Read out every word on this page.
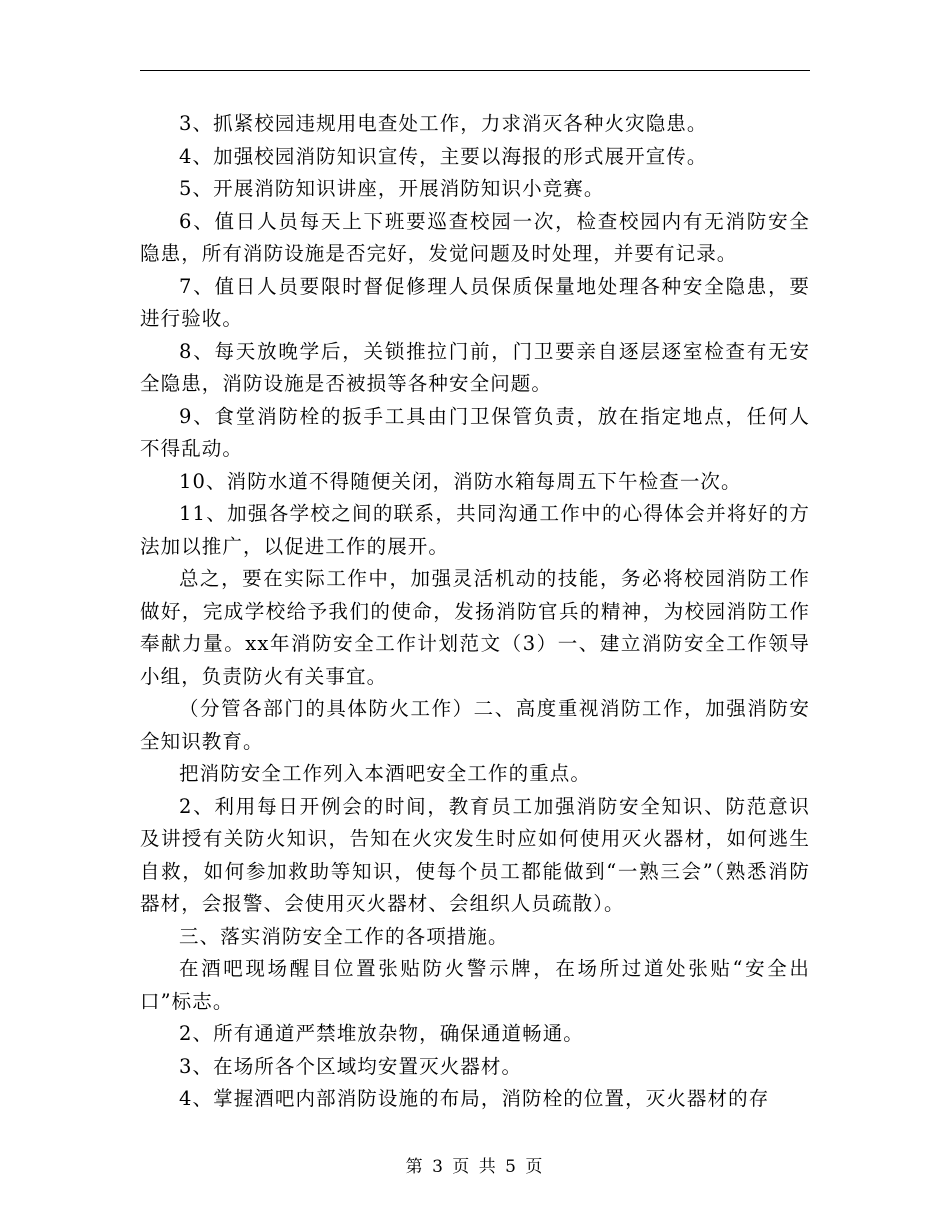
3、抓紧校园违规用电查处工作，力求消灭各种火灾隐患。

4、加强校园消防知识宣传，主要以海报的形式展开宣传。

5、开展消防知识讲座，开展消防知识小竞赛。

6、值日人员每天上下班要巡查校园一次，检查校园内有无消防安全隐患，所有消防设施是否完好，发觉问题及时处理，并要有记录。

7、值日人员要限时督促修理人员保质保量地处理各种安全隐患，要进行验收。

8、每天放晚学后，关锁推拉门前，门卫要亲自逐层逐室检查有无安全隐患，消防设施是否被损等各种安全问题。

9、食堂消防栓的扳手工具由门卫保管负责，放在指定地点，任何人不得乱动。

10、消防水道不得随便关闭，消防水箱每周五下午检查一次。

11、加强各学校之间的联系，共同沟通工作中的心得体会并将好的方法加以推广，以促进工作的展开。

总之，要在实际工作中，加强灵活机动的技能，务必将校园消防工作做好，完成学校给予我们的使命，发扬消防官兵的精神，为校园消防工作奉献力量。xx年消防安全工作计划范文（3）一、建立消防安全工作领导小组，负责防火有关事宜。

（分管各部门的具体防火工作）二、高度重视消防工作，加强消防安全知识教育。

把消防安全工作列入本酒吧安全工作的重点。

2、利用每日开例会的时间，教育员工加强消防安全知识、防范意识及讲授有关防火知识，告知在火灾发生时应如何使用灭火器材，如何逃生自救，如何参加救助等知识，使每个员工都能做到“一熟三会”（熟悉消防器材，会报警、会使用灭火器材、会组织人员疏散）。

三、落实消防安全工作的各项措施。

在酒吧现场醒目位置张贴防火警示牌，在场所过道处张贴“安全出口”标志。

2、所有通道严禁堆放杂物，确保通道畅通。

3、在场所各个区域均安置灭火器材。

4、掌握酒吧内部消防设施的布局，消防栓的位置，灭火器材的存

第 3 页 共 5 页
